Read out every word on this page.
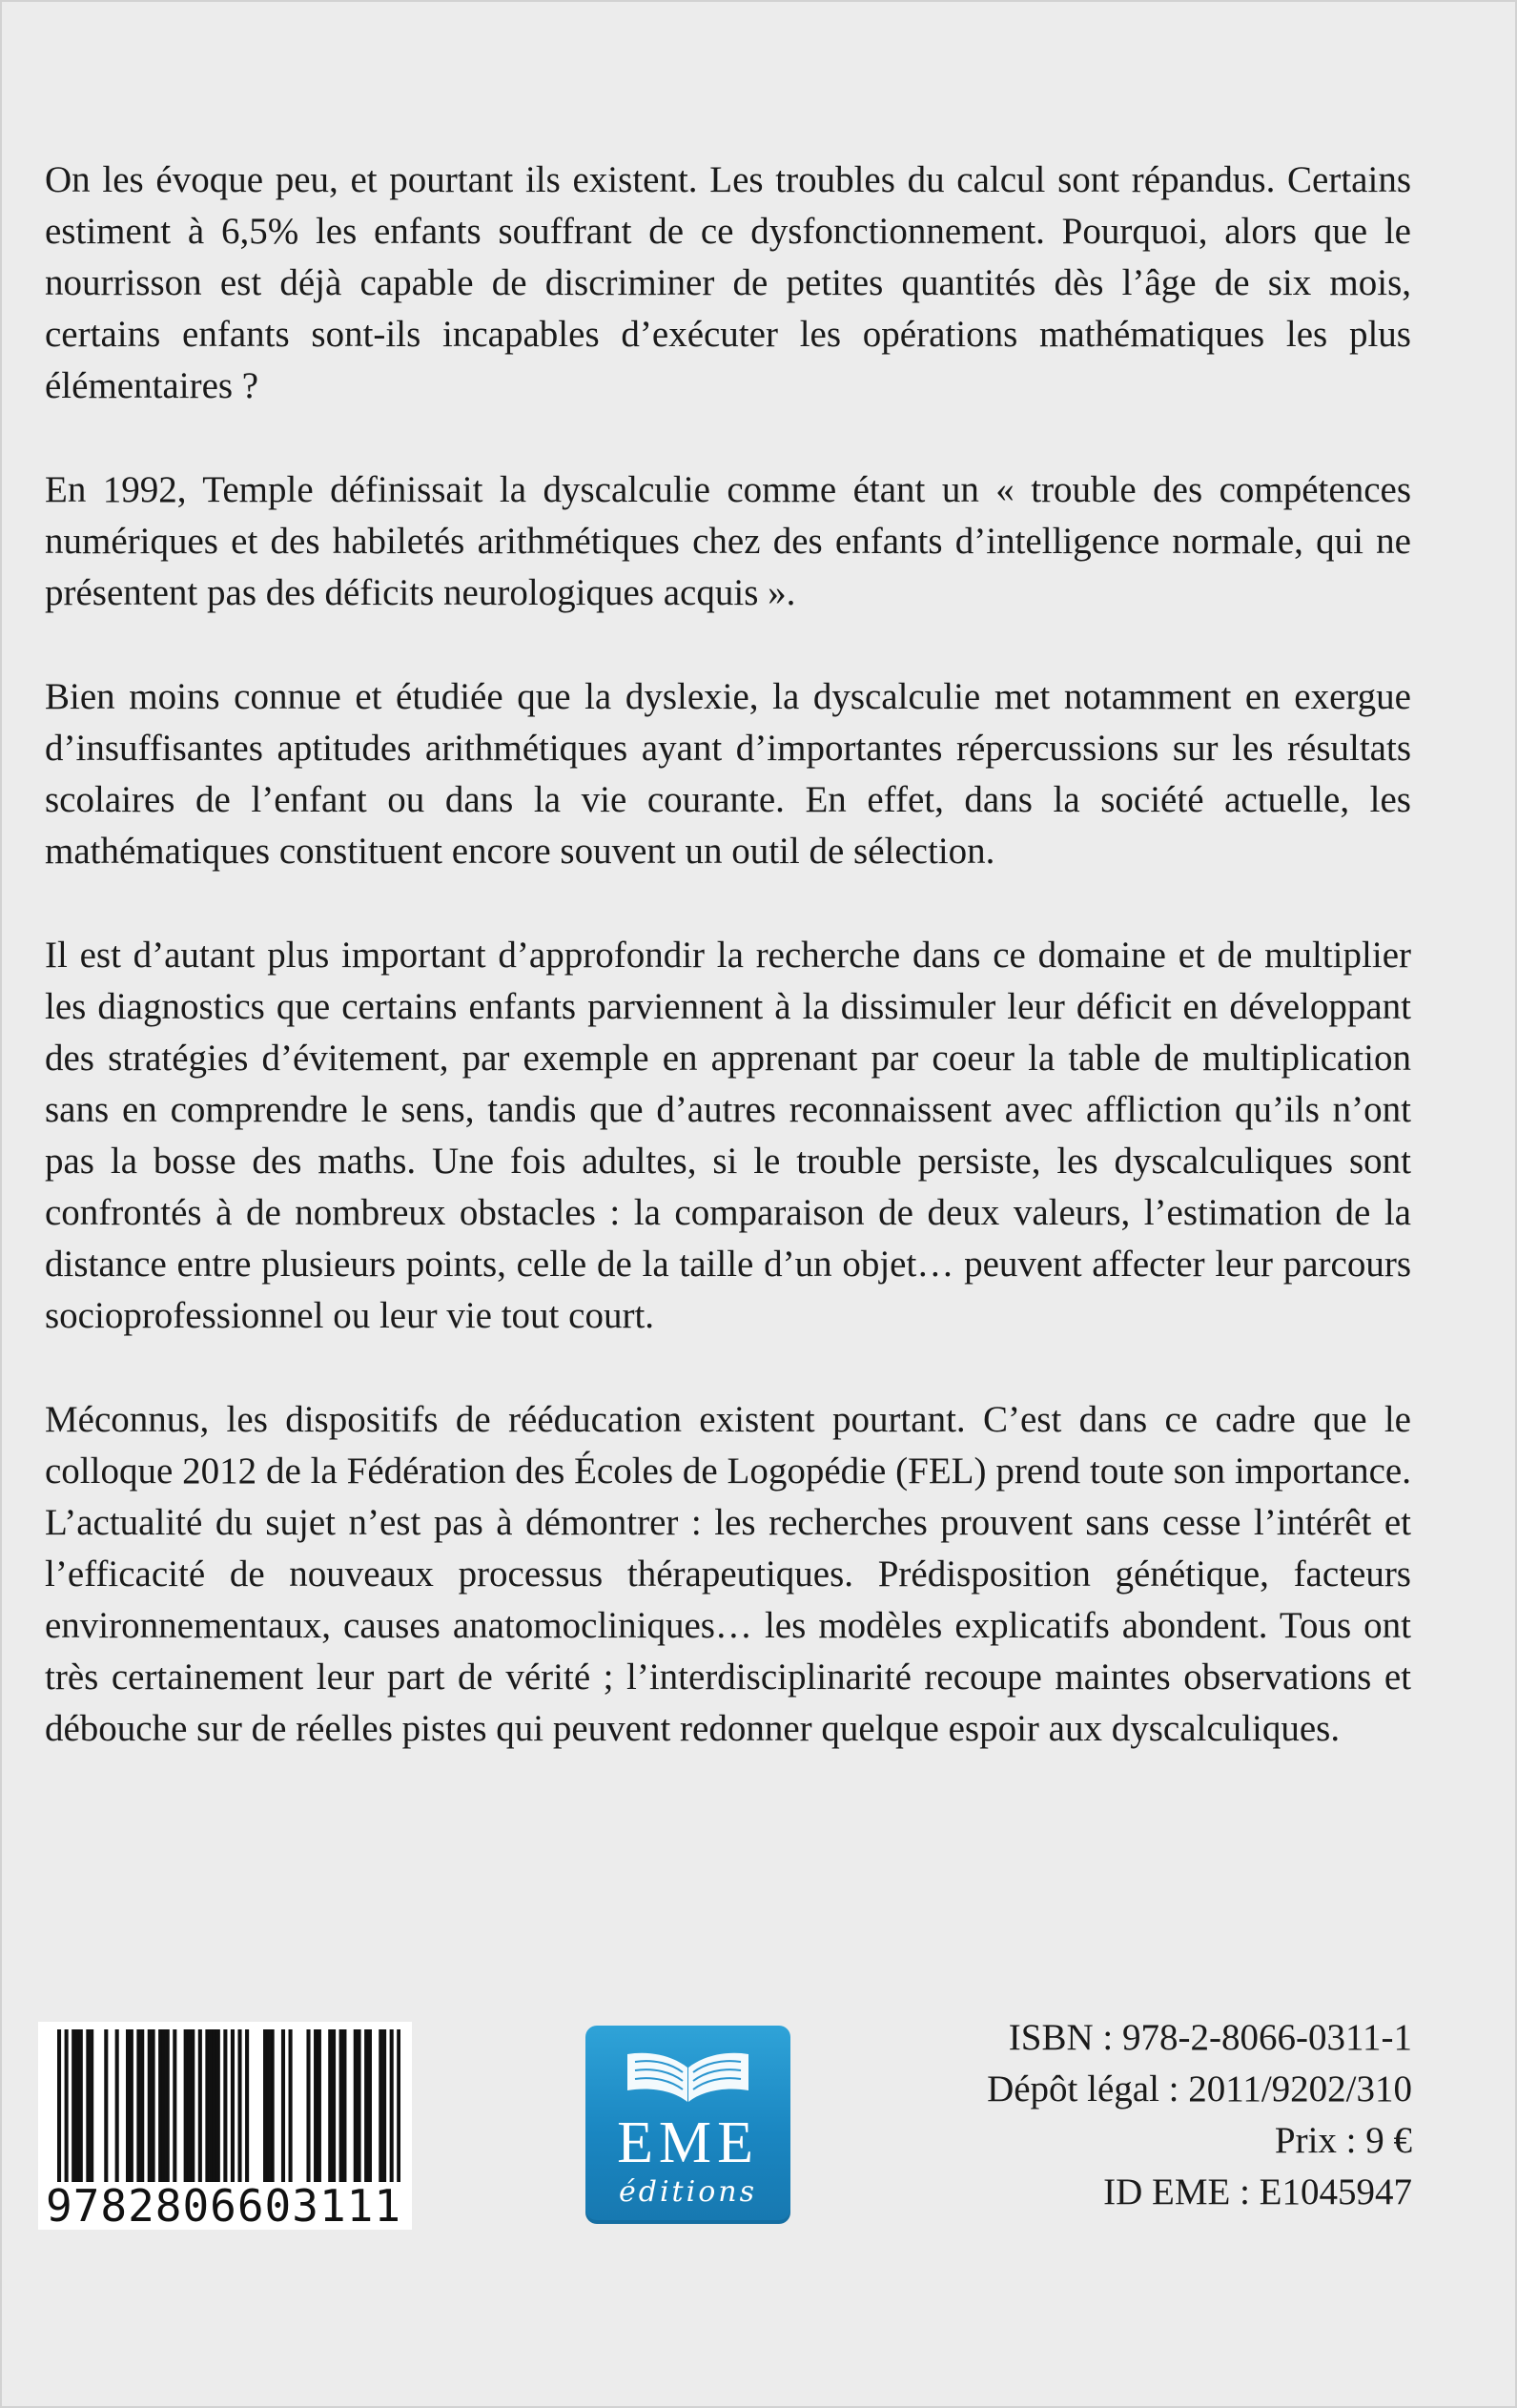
On les évoque peu, et pourtant ils existent. Les troubles du calcul sont répandus. Certains estiment à 6,5% les enfants souffrant de ce dysfonctionnement. Pourquoi, alors que le nourrisson est déjà capable de discriminer de petites quantités dès l’âge de six mois, certains enfants sont-ils incapables d’exécuter les opérations mathématiques les plus élémentaires ?

En 1992, Temple définissait la dyscalculie comme étant un « trouble des compétences numériques et des habiletés arithmétiques chez des enfants d’intelligence normale, qui ne présentent pas des déficits neurologiques acquis ».

Bien moins connue et étudiée que la dyslexie, la dyscalculie met notamment en exergue d’insuffisantes aptitudes arithmétiques ayant d’importantes répercussions sur les résultats scolaires de l’enfant ou dans la vie courante. En effet, dans la société actuelle, les mathématiques constituent encore souvent un outil de sélection.

Il est d’autant plus important d’approfondir la recherche dans ce domaine et de multiplier les diagnostics que certains enfants parviennent à la dissimuler leur déficit en développant des stratégies d’évitement, par exemple en apprenant par coeur la table de multiplication sans en comprendre le sens, tandis que d’autres reconnaissent avec affliction qu’ils n’ont pas la bosse des maths. Une fois adultes, si le trouble persiste, les dyscalculiques sont confrontés à de nombreux obstacles : la comparaison de deux valeurs, l’estimation de la distance entre plusieurs points, celle de la taille d’un objet… peuvent affecter leur parcours socioprofessionnel ou leur vie tout court.

Méconnus, les dispositifs de rééducation existent pourtant. C’est dans ce cadre que le colloque 2012 de la Fédération des Écoles de Logopédie (FEL) prend toute son importance. L’actualité du sujet n’est pas à démontrer : les recherches prouvent sans cesse l’intérêt et l’efficacité de nouveaux processus thérapeutiques. Prédisposition génétique, facteurs environnementaux, causes anatomocliniques… les modèles explicatifs abondent. Tous ont très certainement leur part de vérité ; l’interdisciplinarité recoupe maintes observations et débouche sur de réelles pistes qui peuvent redonner quelque espoir aux dyscalculiques.

9782806603111
EME
éditions
ISBN : 978-2-8066-0311-1
Dépôt légal : 2011/9202/310
Prix : 9 €
ID EME : E1045947
